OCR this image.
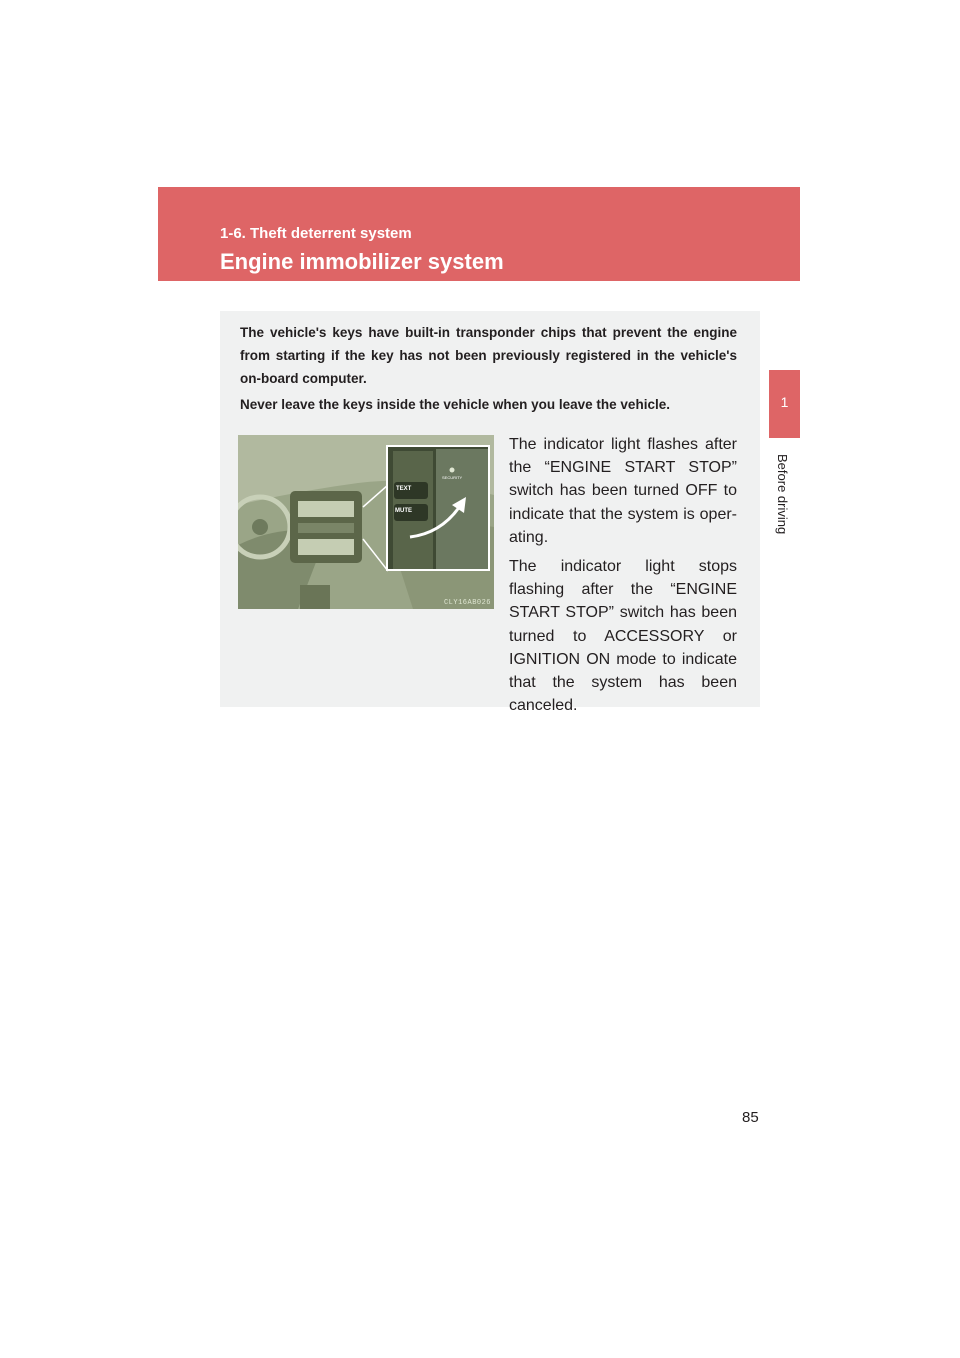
1-6. Theft deterrent system

Engine immobilizer system
1
Before driving

The vehicle's keys have built-in transponder chips that prevent the engine from starting if the key has not been previously registered in the vehicle's on-board computer.

Never leave the keys inside the vehicle when you leave the vehicle.

TEXT
MUTE
SECURITY
CLY16AB026

The indicator light flashes after the “ENGINE START STOP” switch has been turned OFF to indicate that the system is oper-ating.

The indicator light stops flashing after the “ENGINE START STOP” switch has been turned to ACCESSORY or IGNITION ON mode to indicate that the system has been canceled.

85
